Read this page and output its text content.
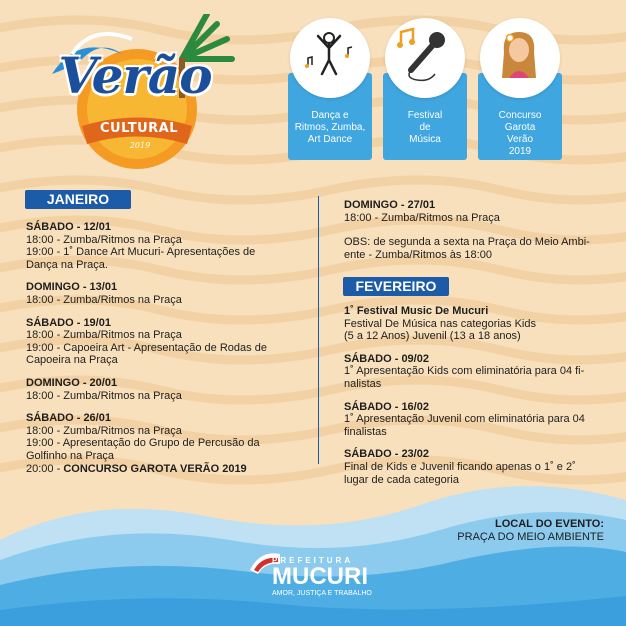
Verão
CULTURAL
2019
Dança e
Ritmos, Zumba,
Art Dance
Festival
de
Música
Concurso
Garota
Verão
2019
JANEIRO
SÁBADO - 12/01
18:00 - Zumba/Ritmos na Praça
19:00 - 1˚ Dance Art Mucuri- Apresentações de
Dança na Praça.
DOMINGO - 13/01
18:00 - Zumba/Ritmos na Praça
SÁBADO - 19/01
18:00 - Zumba/Ritmos na Praça
19:00 - Capoeira Art - Apresentação de Rodas de
Capoeira na Praça
DOMINGO - 20/01
18:00 - Zumba/Ritmos na Praça
SÁBADO - 26/01
18:00 - Zumba/Ritmos na Praça
19:00 - Apresentação do Grupo de Percusão da
Golfinho na Praça
20:00 - CONCURSO GAROTA VERÃO 2019
DOMINGO - 27/01
18:00 - Zumba/Ritmos na Praça
OBS: de segunda a sexta na Praça do Meio Ambi-
ente - Zumba/Ritmos às 18:00
FEVEREIRO
1˚ Festival Music De Mucuri
Festival De Música nas categorias Kids
(5 a 12 Anos) Juvenil (13 a 18 anos)
SÁBADO - 09/02
1˚ Apresentação Kids com eliminatória para 04 fi-
nalistas
SÁBADO - 16/02
1˚ Apresentação Juvenil com eliminatória para 04
finalistas
SÁBADO - 23/02
Final de Kids e Juvenil ficando apenas o 1˚ e 2˚
lugar de cada categoria
LOCAL DO EVENTO:
PRAÇA DO MEIO AMBIENTE
PREFEITURA
MUCURI
AMOR, JUSTIÇA E TRABALHO
